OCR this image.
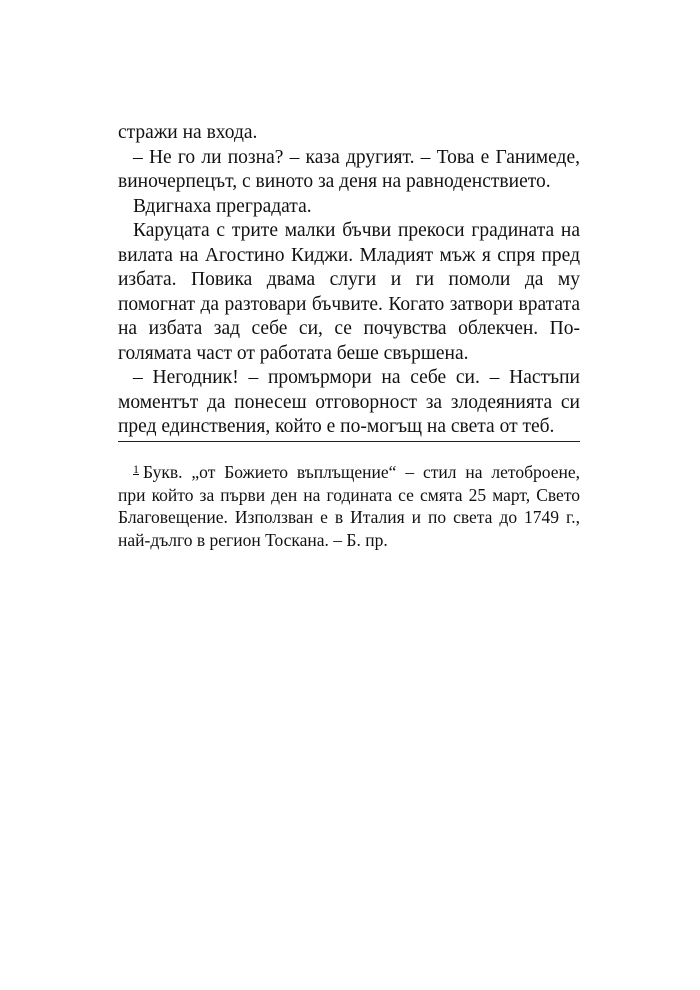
стражи на входа.

– Не го ли позна? – каза другият. – Това е Ганимеде, виночерпецът, с виното за деня на равноденствието.

Вдигнаха преградата.

Каруцата с трите малки бъчви прекоси градината на вилата на Агостино Киджи. Младият мъж я спря пред избата. Повика двама слуги и ги помоли да му помогнат да разтовари бъчвите. Когато затвори вратата на избата зад себе си, се почувства облекчен. По-голямата част от работата беше свършена.

– Негодник! – промърмори на себе си. – Настъпи моментът да понесеш отговорност за злодеянията си пред единствения, който е по-могъщ на света от теб.

$^1$ Букв. „от Божието въплъщение“ – стил на летоброене, при който за първи ден на годината се смята 25 март, Свето Благовещение. Използван е в Италия и по света до 1749 г., най-дълго в регион Тоскана. – Б. пр.
